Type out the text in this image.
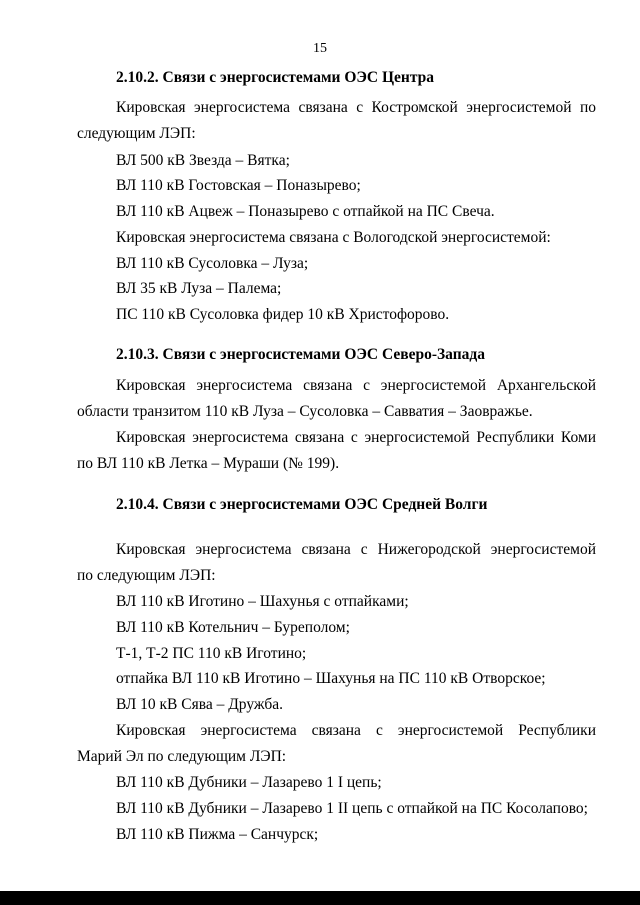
15
2.10.2. Связи с энергосистемами ОЭС Центра
Кировская энергосистема связана с Костромской энергосистемой по
следующим ЛЭП:
ВЛ 500 кВ Звезда – Вятка;
ВЛ 110 кВ Гостовская – Поназырево;
ВЛ 110 кВ Ацвеж – Поназырево с отпайкой на ПС Свеча.
Кировская энергосистема связана с Вологодской энергосистемой:
ВЛ 110 кВ Сусоловка – Луза;
ВЛ 35 кВ Луза – Палема;
ПС 110 кВ Сусоловка фидер 10 кВ Христофорово.
2.10.3. Связи с энергосистемами ОЭС Северо-Запада
Кировская энергосистема связана с энергосистемой Архангельской
области транзитом 110 кВ Луза – Сусоловка – Савватия – Заовражье.
Кировская энергосистема связана с энергосистемой Республики Коми
по ВЛ 110 кВ Летка – Мураши (№ 199).
2.10.4. Связи с энергосистемами ОЭС Средней Волги
Кировская энергосистема связана с Нижегородской энергосистемой
по следующим ЛЭП:
ВЛ 110 кВ Иготино – Шахунья с отпайками;
ВЛ 110 кВ Котельнич – Буреполом;
Т-1, Т-2 ПС 110 кВ Иготино;
отпайка ВЛ 110 кВ Иготино – Шахунья на ПС 110 кВ Отворское;
ВЛ 10 кВ Сява – Дружба.
Кировская энергосистема связана с энергосистемой Республики
Марий Эл по следующим ЛЭП:
ВЛ 110 кВ Дубники – Лазарево 1 I цепь;
ВЛ 110 кВ Дубники – Лазарево 1 II цепь с отпайкой на ПС Косолапово;
ВЛ 110 кВ Пижма – Санчурск;
